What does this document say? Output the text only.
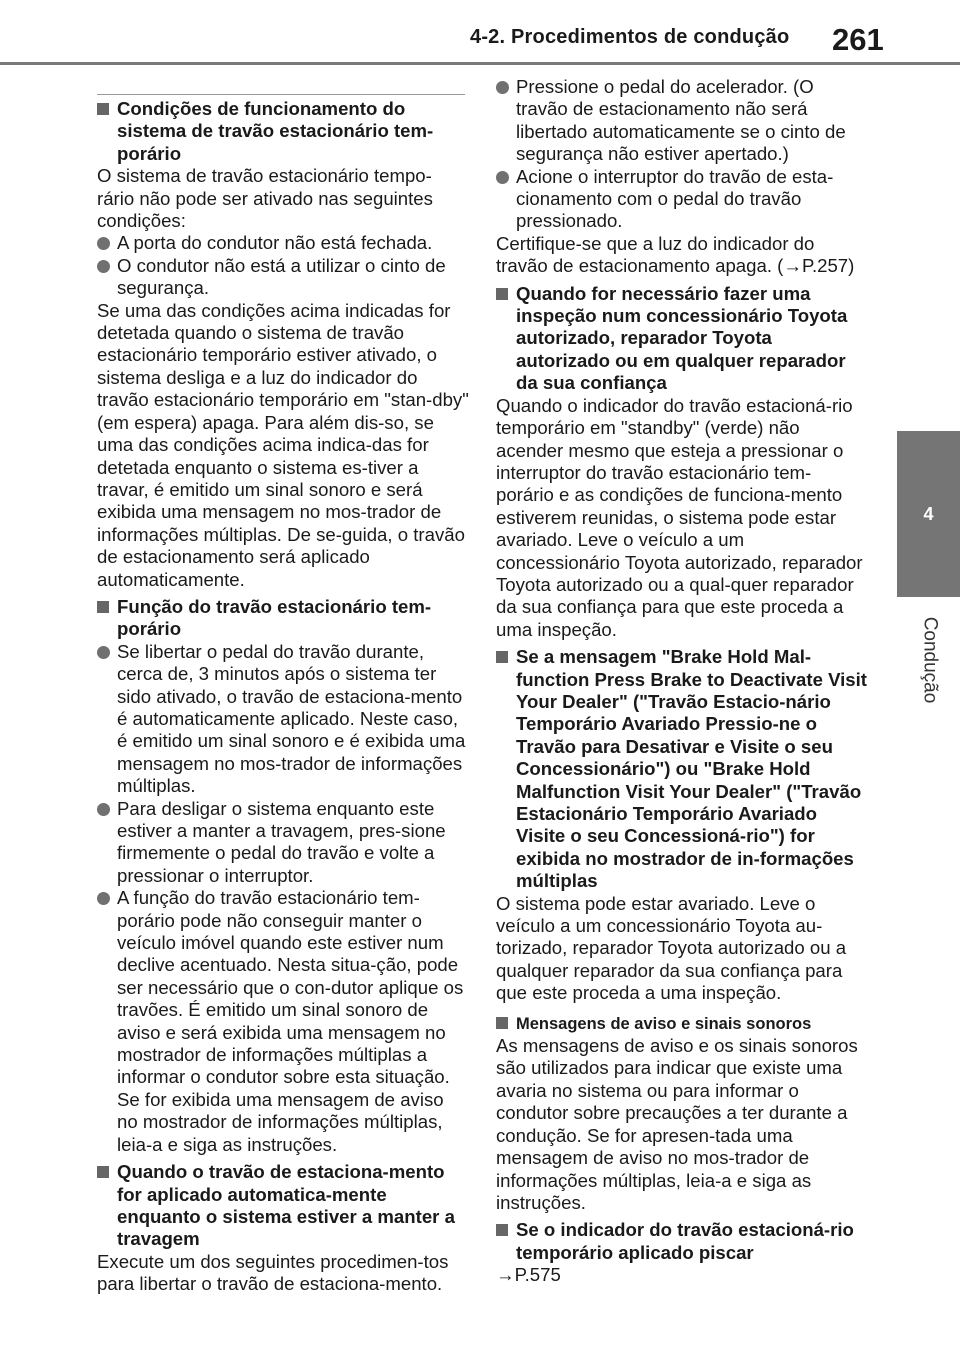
4-2. Procedimentos de condução 261
4
Condução
Condições de funcionamento do sistema de travão estacionário tem-porário

O sistema de travão estacionário tempo-rário não pode ser ativado nas seguintes condições:

A porta do condutor não está fechada.
O condutor não está a utilizar o cinto de segurança.

Se uma das condições acima indicadas for detetada quando o sistema de travão estacionário temporário estiver ativado, o sistema desliga e a luz do indicador do travão estacionário temporário em "stan-dby" (em espera) apaga. Para além dis-so, se uma das condições acima indica-das for detetada enquanto o sistema es-tiver a travar, é emitido um sinal sonoro e será exibida uma mensagem no mos-trador de informações múltiplas. De se-guida, o travão de estacionamento será aplicado automaticamente.

Função do travão estacionário tem-porário
Se libertar o pedal do travão durante, cerca de, 3 minutos após o sistema ter sido ativado, o travão de estaciona-mento é automaticamente aplicado. Neste caso, é emitido um sinal sonoro e é exibida uma mensagem no mos-trador de informações múltiplas.
Para desligar o sistema enquanto este estiver a manter a travagem, pres-sione firmemente o pedal do travão e volte a pressionar o interruptor.
A função do travão estacionário tem-porário pode não conseguir manter o veículo imóvel quando este estiver num declive acentuado. Nesta situa-ção, pode ser necessário que o con-dutor aplique os travões. É emitido um sinal sonoro de aviso e será exibida uma mensagem no mostrador de informações múltiplas a informar o condutor sobre esta situação. Se for exibida uma mensagem de aviso no mostrador de informações múltiplas, leia-a e siga as instruções.
Quando o travão de estaciona-mento for aplicado automatica-mente enquanto o sistema estiver a manter a travagem

Execute um dos seguintes procedimen-tos para libertar o travão de estaciona-mento.

Pressione o pedal do acelerador. (O travão de estacionamento não será libertado automaticamente se o cinto de segurança não estiver apertado.)
Acione o interruptor do travão de esta-cionamento com o pedal do travão pressionado.

Certifique-se que a luz do indicador do travão de estacionamento apaga. (→P.257)

Quando for necessário fazer uma inspeção num concessionário Toyota autorizado, reparador Toyota autorizado ou em qualquer reparador da sua confiança

Quando o indicador do travão estacioná-rio temporário em "standby" (verde) não acender mesmo que esteja a pressionar o interruptor do travão estacionário tem-porário e as condições de funciona-mento estiverem reunidas, o sistema pode estar avariado. Leve o veículo a um concessionário Toyota autorizado, reparador Toyota autorizado ou a qual-quer reparador da sua confiança para que este proceda a uma inspeção.

Se a mensagem "Brake Hold Mal-function Press Brake to Deactivate Visit Your Dealer" ("Travão Estacio-nário Temporário Avariado Pressio-ne o Travão para Desativar e Visite o seu Concessionário") ou "Brake Hold Malfunction Visit Your Dealer" ("Travão Estacionário Temporário Avariado Visite o seu Concessioná-rio") for exibida no mostrador de in-formações múltiplas

O sistema pode estar avariado. Leve o veículo a um concessionário Toyota au-torizado, reparador Toyota autorizado ou a qualquer reparador da sua confiança para que este proceda a uma inspeção.

Mensagens de aviso e sinais sonoros

As mensagens de aviso e os sinais sonoros são utilizados para indicar que existe uma avaria no sistema ou para informar o condutor sobre precauções a ter durante a condução. Se for apresen-tada uma mensagem de aviso no mos-trador de informações múltiplas, leia-a e siga as instruções.

Se o indicador do travão estacioná-rio temporário aplicado piscar

→P.575
